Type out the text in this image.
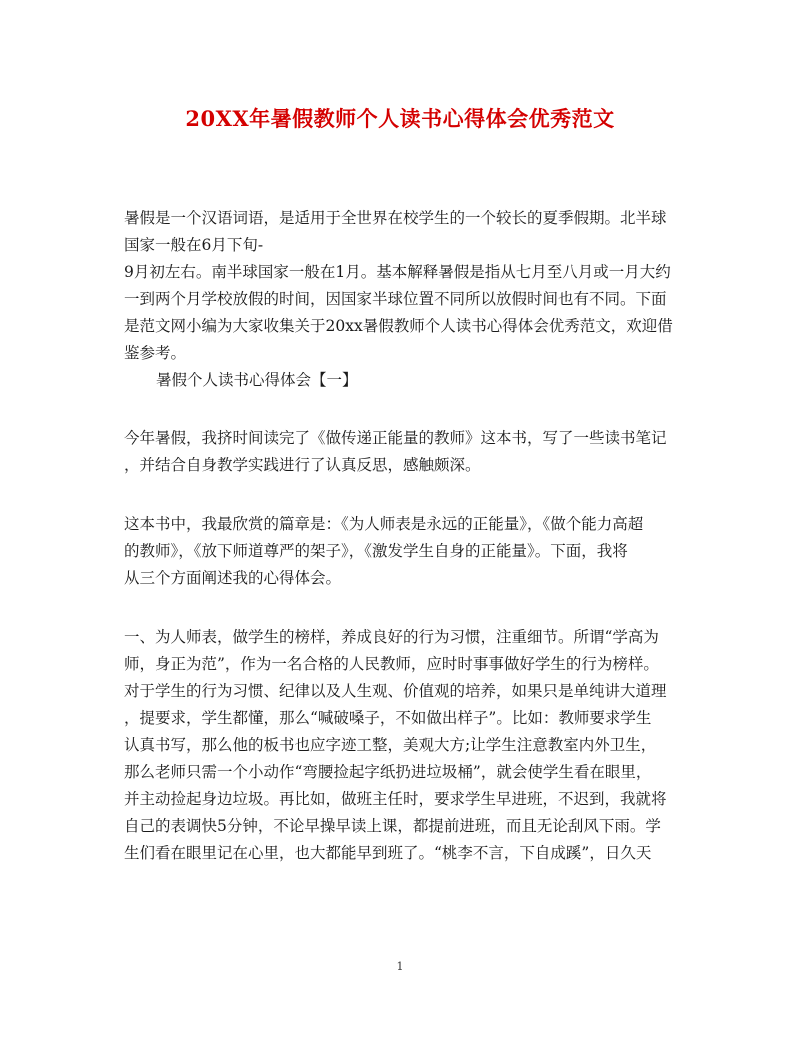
20XX年暑假教师个人读书心得体会优秀范文
暑假是一个汉语词语，是适用于全世界在校学生的一个较长的夏季假期。北半球
国家一般在6月下旬-
9月初左右。南半球国家一般在1月。基本解释暑假是指从七月至八月或一月大约
一到两个月学校放假的时间，因国家半球位置不同所以放假时间也有不同。下面
是范文网小编为大家收集关于20xx暑假教师个人读书心得体会优秀范文，欢迎借
鉴参考。
暑假个人读书心得体会【一】
今年暑假，我挤时间读完了《做传递正能量的教师》这本书，写了一些读书笔记
，并结合自身教学实践进行了认真反思，感触颇深。
这本书中，我最欣赏的篇章是：《为人师表是永远的正能量》，《做个能力高超
的教师》，《放下师道尊严的架子》，《激发学生自身的正能量》。下面，我将
从三个方面阐述我的心得体会。
一、为人师表，做学生的榜样，养成良好的行为习惯，注重细节。所谓“学高为
师，身正为范”，作为一名合格的人民教师，应时时事事做好学生的行为榜样。
对于学生的行为习惯、纪律以及人生观、价值观的培养，如果只是单纯讲大道理
，提要求，学生都懂，那么“喊破嗓子，不如做出样子”。比如：教师要求学生
认真书写，那么他的板书也应字迹工整，美观大方;让学生注意教室内外卫生，
那么老师只需一个小动作“弯腰捡起字纸扔进垃圾桶”，就会使学生看在眼里，
并主动捡起身边垃圾。再比如，做班主任时，要求学生早进班，不迟到，我就将
自己的表调快5分钟，不论早操早读上课，都提前进班，而且无论刮风下雨。学
生们看在眼里记在心里，也大都能早到班了。“桃李不言，下自成蹊”，日久天
1
